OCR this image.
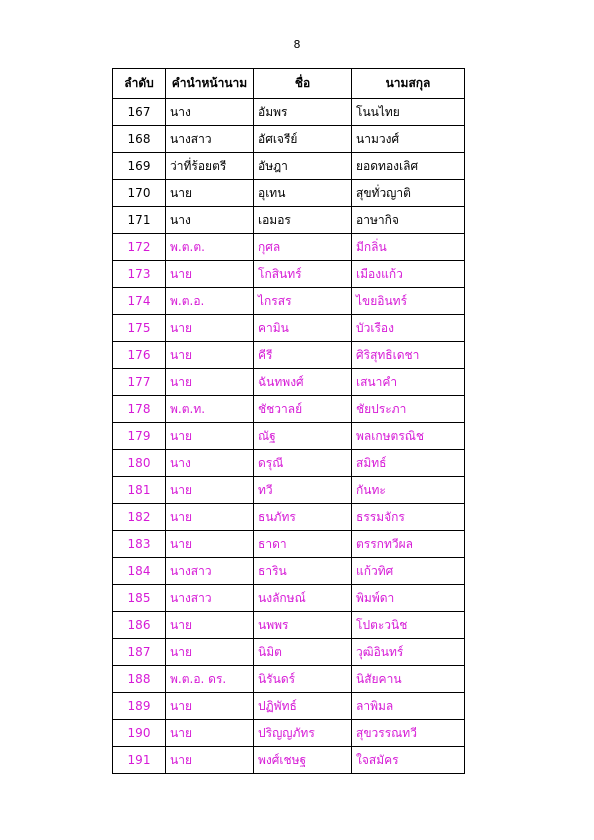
8
ลำดับ	คำนำหน้านาม	ชื่อ	นามสกุล
167	นาง	อัมพร	โนนไทย
168	นางสาว	อัศเจรีย์	นามวงศ์
169	ว่าที่ร้อยตรี	อัษฎา	ยอดทองเลิศ
170	นาย	อุเทน	สุขทั่วญาติ
171	นาง	เอมอร	อาษากิจ
172	พ.ต.ต.	กุศล	มีกลิ่น
173	นาย	โกสินทร์	เมืองแก้ว
174	พ.ต.อ.	ไกรสร	ไขยอินทร์
175	นาย	คามิน	บัวเรือง
176	นาย	คีรี	ศิริสุทธิเดชา
177	นาย	ฉันทพงศ์	เสนาคำ
178	พ.ต.ท.	ชัชวาลย์	ชัยประภา
179	นาย	ณัฐ	พลเกษตรณิช
180	นาง	ดรุณี	สมิทธ์
181	นาย	ทวี	กันทะ
182	นาย	ธนภัทร	ธรรมจักร
183	นาย	ธาดา	ตรรกทวีผล
184	นางสาว	ธาริน	แก้วทิศ
185	นางสาว	นงลักษณ์	พิมพ์ดา
186	นาย	นพพร	โปตะวนิช
187	นาย	นิมิต	วุฒิอินทร์
188	พ.ต.อ. ดร.	นิรันดร์	นิสัยคาน
189	นาย	ปฏิพัทธ์	ลาพิมล
190	นาย	ปริญญภัทร	สุขวรรณทวี
191	นาย	พงศ์เชษฐ	ใจสมัคร
